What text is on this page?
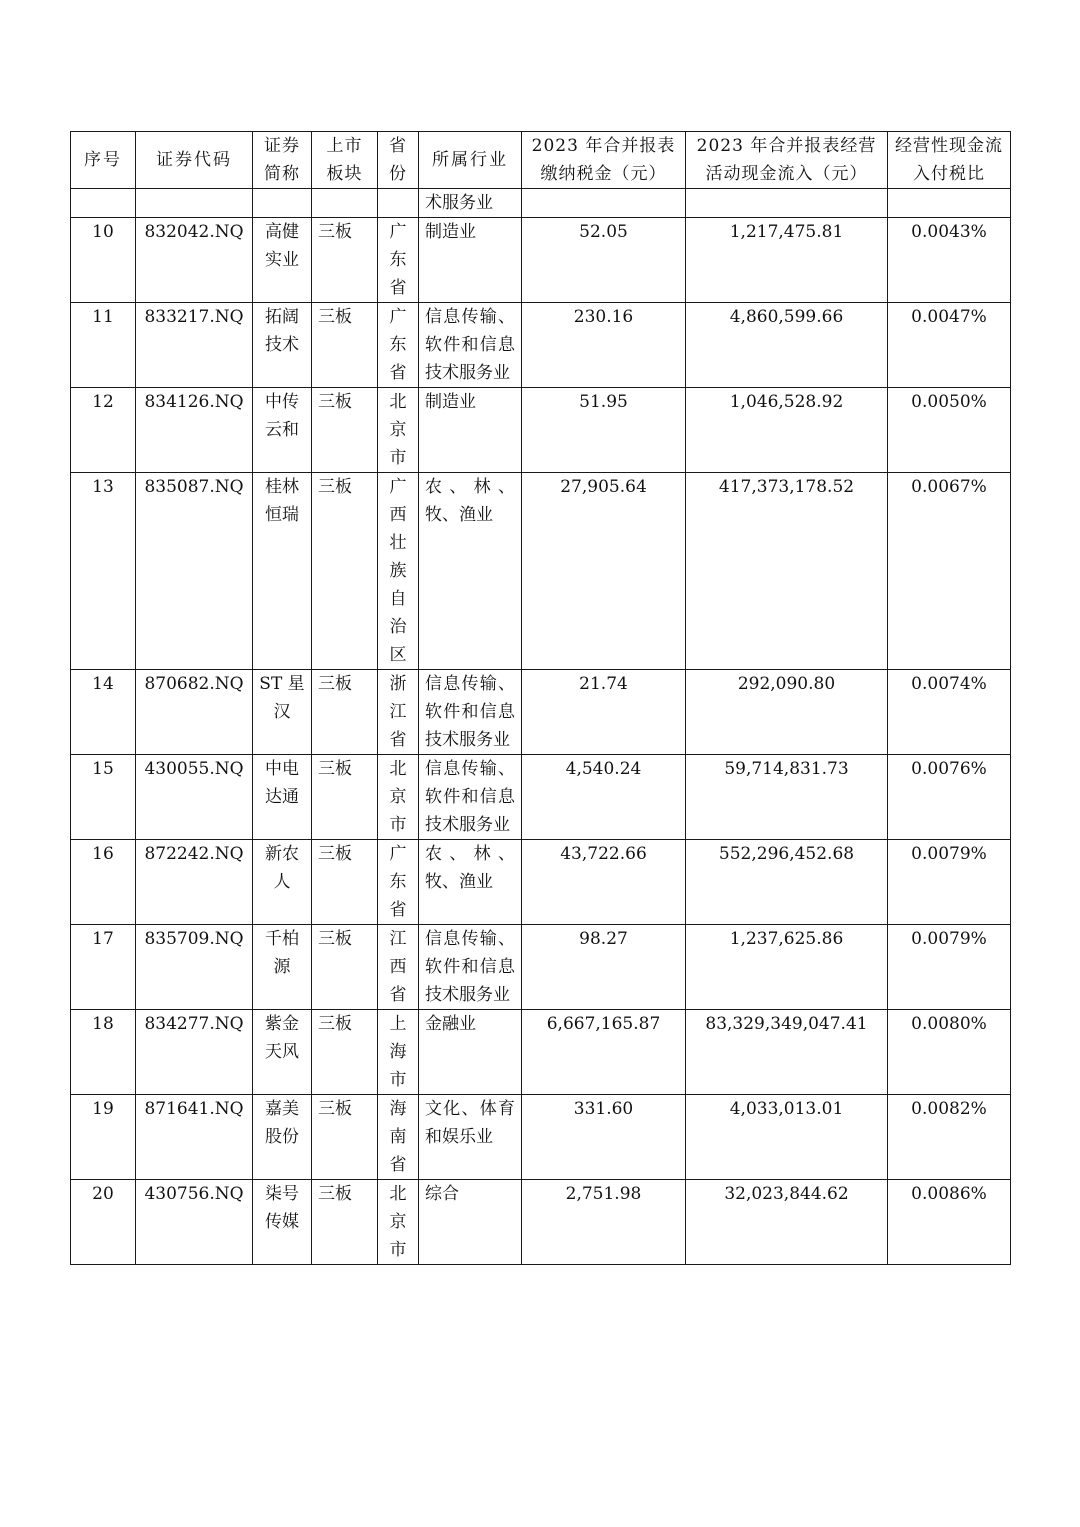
序号	证券代码	证券简称	上市板块	省份	所属行业	2023 年合并报表缴纳税金（元）	2023 年合并报表经营活动现金流入（元）	经营性现金流入付税比
					术服务业			
10	832042.NQ	高健实业	三板	广东省	制造业	52.05	1,217,475.81	0.0043%
11	833217.NQ	拓阔技术	三板	广东省	信息传输、软件和信息技术服务业	230.16	4,860,599.66	0.0047%
12	834126.NQ	中传云和	三板	北京市	制造业	51.95	1,046,528.92	0.0050%
13	835087.NQ	桂林恒瑞	三板	广西壮族自治区	农、林、牧、渔业	27,905.64	417,373,178.52	0.0067%
14	870682.NQ	ST 星汉	三板	浙江省	信息传输、软件和信息技术服务业	21.74	292,090.80	0.0074%
15	430055.NQ	中电达通	三板	北京市	信息传输、软件和信息技术服务业	4,540.24	59,714,831.73	0.0076%
16	872242.NQ	新农人	三板	广东省	农、林、牧、渔业	43,722.66	552,296,452.68	0.0079%
17	835709.NQ	千柏源	三板	江西省	信息传输、软件和信息技术服务业	98.27	1,237,625.86	0.0079%
18	834277.NQ	紫金天风	三板	上海市	金融业	6,667,165.87	83,329,349,047.41	0.0080%
19	871641.NQ	嘉美股份	三板	海南省	文化、体育和娱乐业	331.60	4,033,013.01	0.0082%
20	430756.NQ	柒号传媒	三板	北京市	综合	2,751.98	32,023,844.62	0.0086%
